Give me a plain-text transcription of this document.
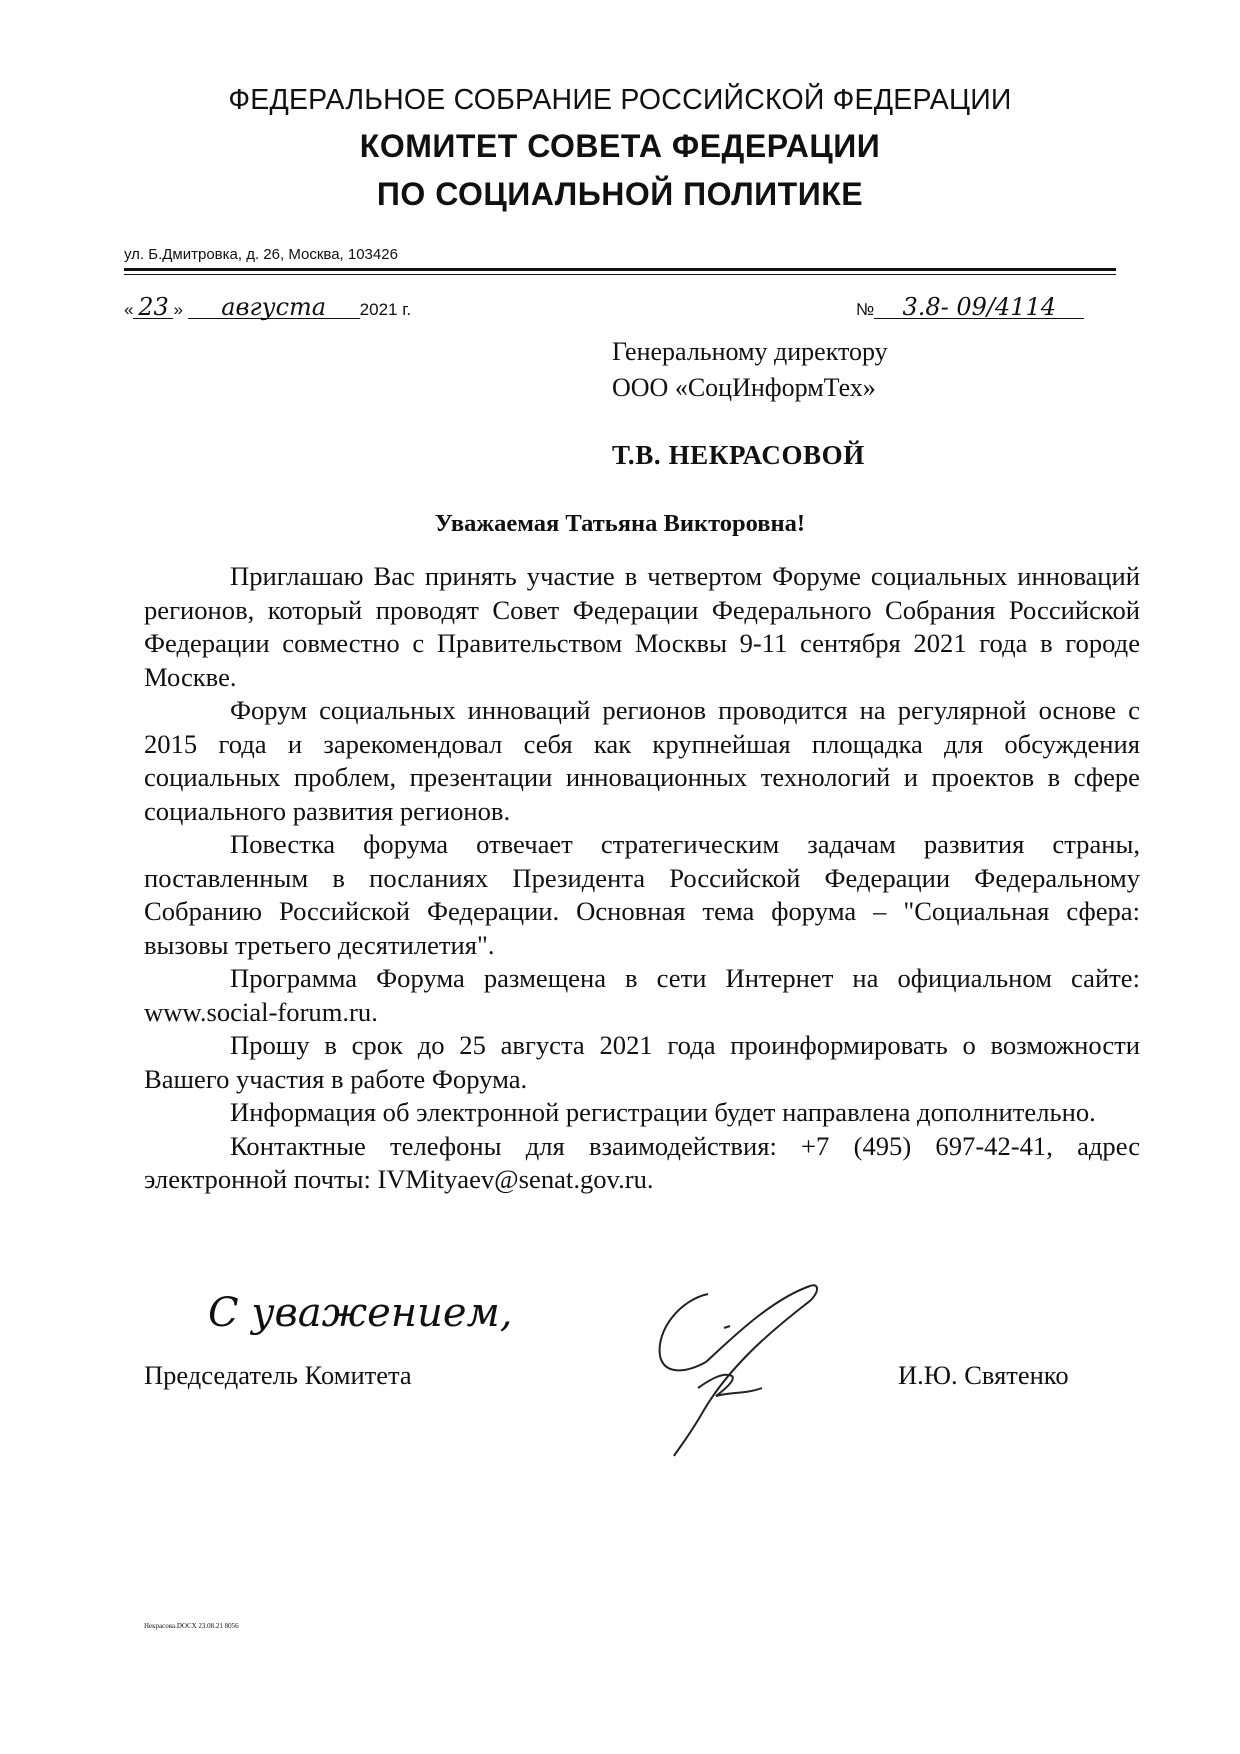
ФЕДЕРАЛЬНОЕ СОБРАНИЕ РОССИЙСКОЙ ФЕДЕРАЦИИ
КОМИТЕТ СОВЕТА ФЕДЕРАЦИИ
ПО СОЦИАЛЬНОЙ ПОЛИТИКЕ
ул. Б.Дмитровка, д. 26, Москва, 103426
« 23 » августа 2021 г.	№ 3.8- 09/4114
Генеральному директору
ООО «СоцИнформТех»
Т.В. НЕКРАСОВОЙ
Уважаемая Татьяна Викторовна!

Приглашаю Вас принять участие в четвертом Форуме социальных инноваций регионов, который проводят Совет Федерации Федерального Собрания Российской Федерации совместно с Правительством Москвы 9-11 сентября 2021 года в городе Москве.

Форум социальных инноваций регионов проводится на регулярной основе с 2015 года и зарекомендовал себя как крупнейшая площадка для обсуждения социальных проблем, презентации инновационных технологий и проектов в сфере социального развития регионов.

Повестка форума отвечает стратегическим задачам развития страны, поставленным в посланиях Президента Российской Федерации Федеральному Собранию Российской Федерации. Основная тема форума – "Социальная сфера: вызовы третьего десятилетия".

Программа Форума размещена в сети Интернет на официальном сайте: www.social-forum.ru.

Прошу в срок до 25 августа 2021 года проинформировать о возможности Вашего участия в работе Форума.

Информация об электронной регистрации будет направлена дополнительно.

Контактные телефоны для взаимодействия: +7 (495) 697-42-41, адрес электронной почты: IVMityaev@senat.gov.ru.

С уважением,
Председатель Комитета	И.Ю. Святенко
Некрасова.DOCX 23.08.21 8056
